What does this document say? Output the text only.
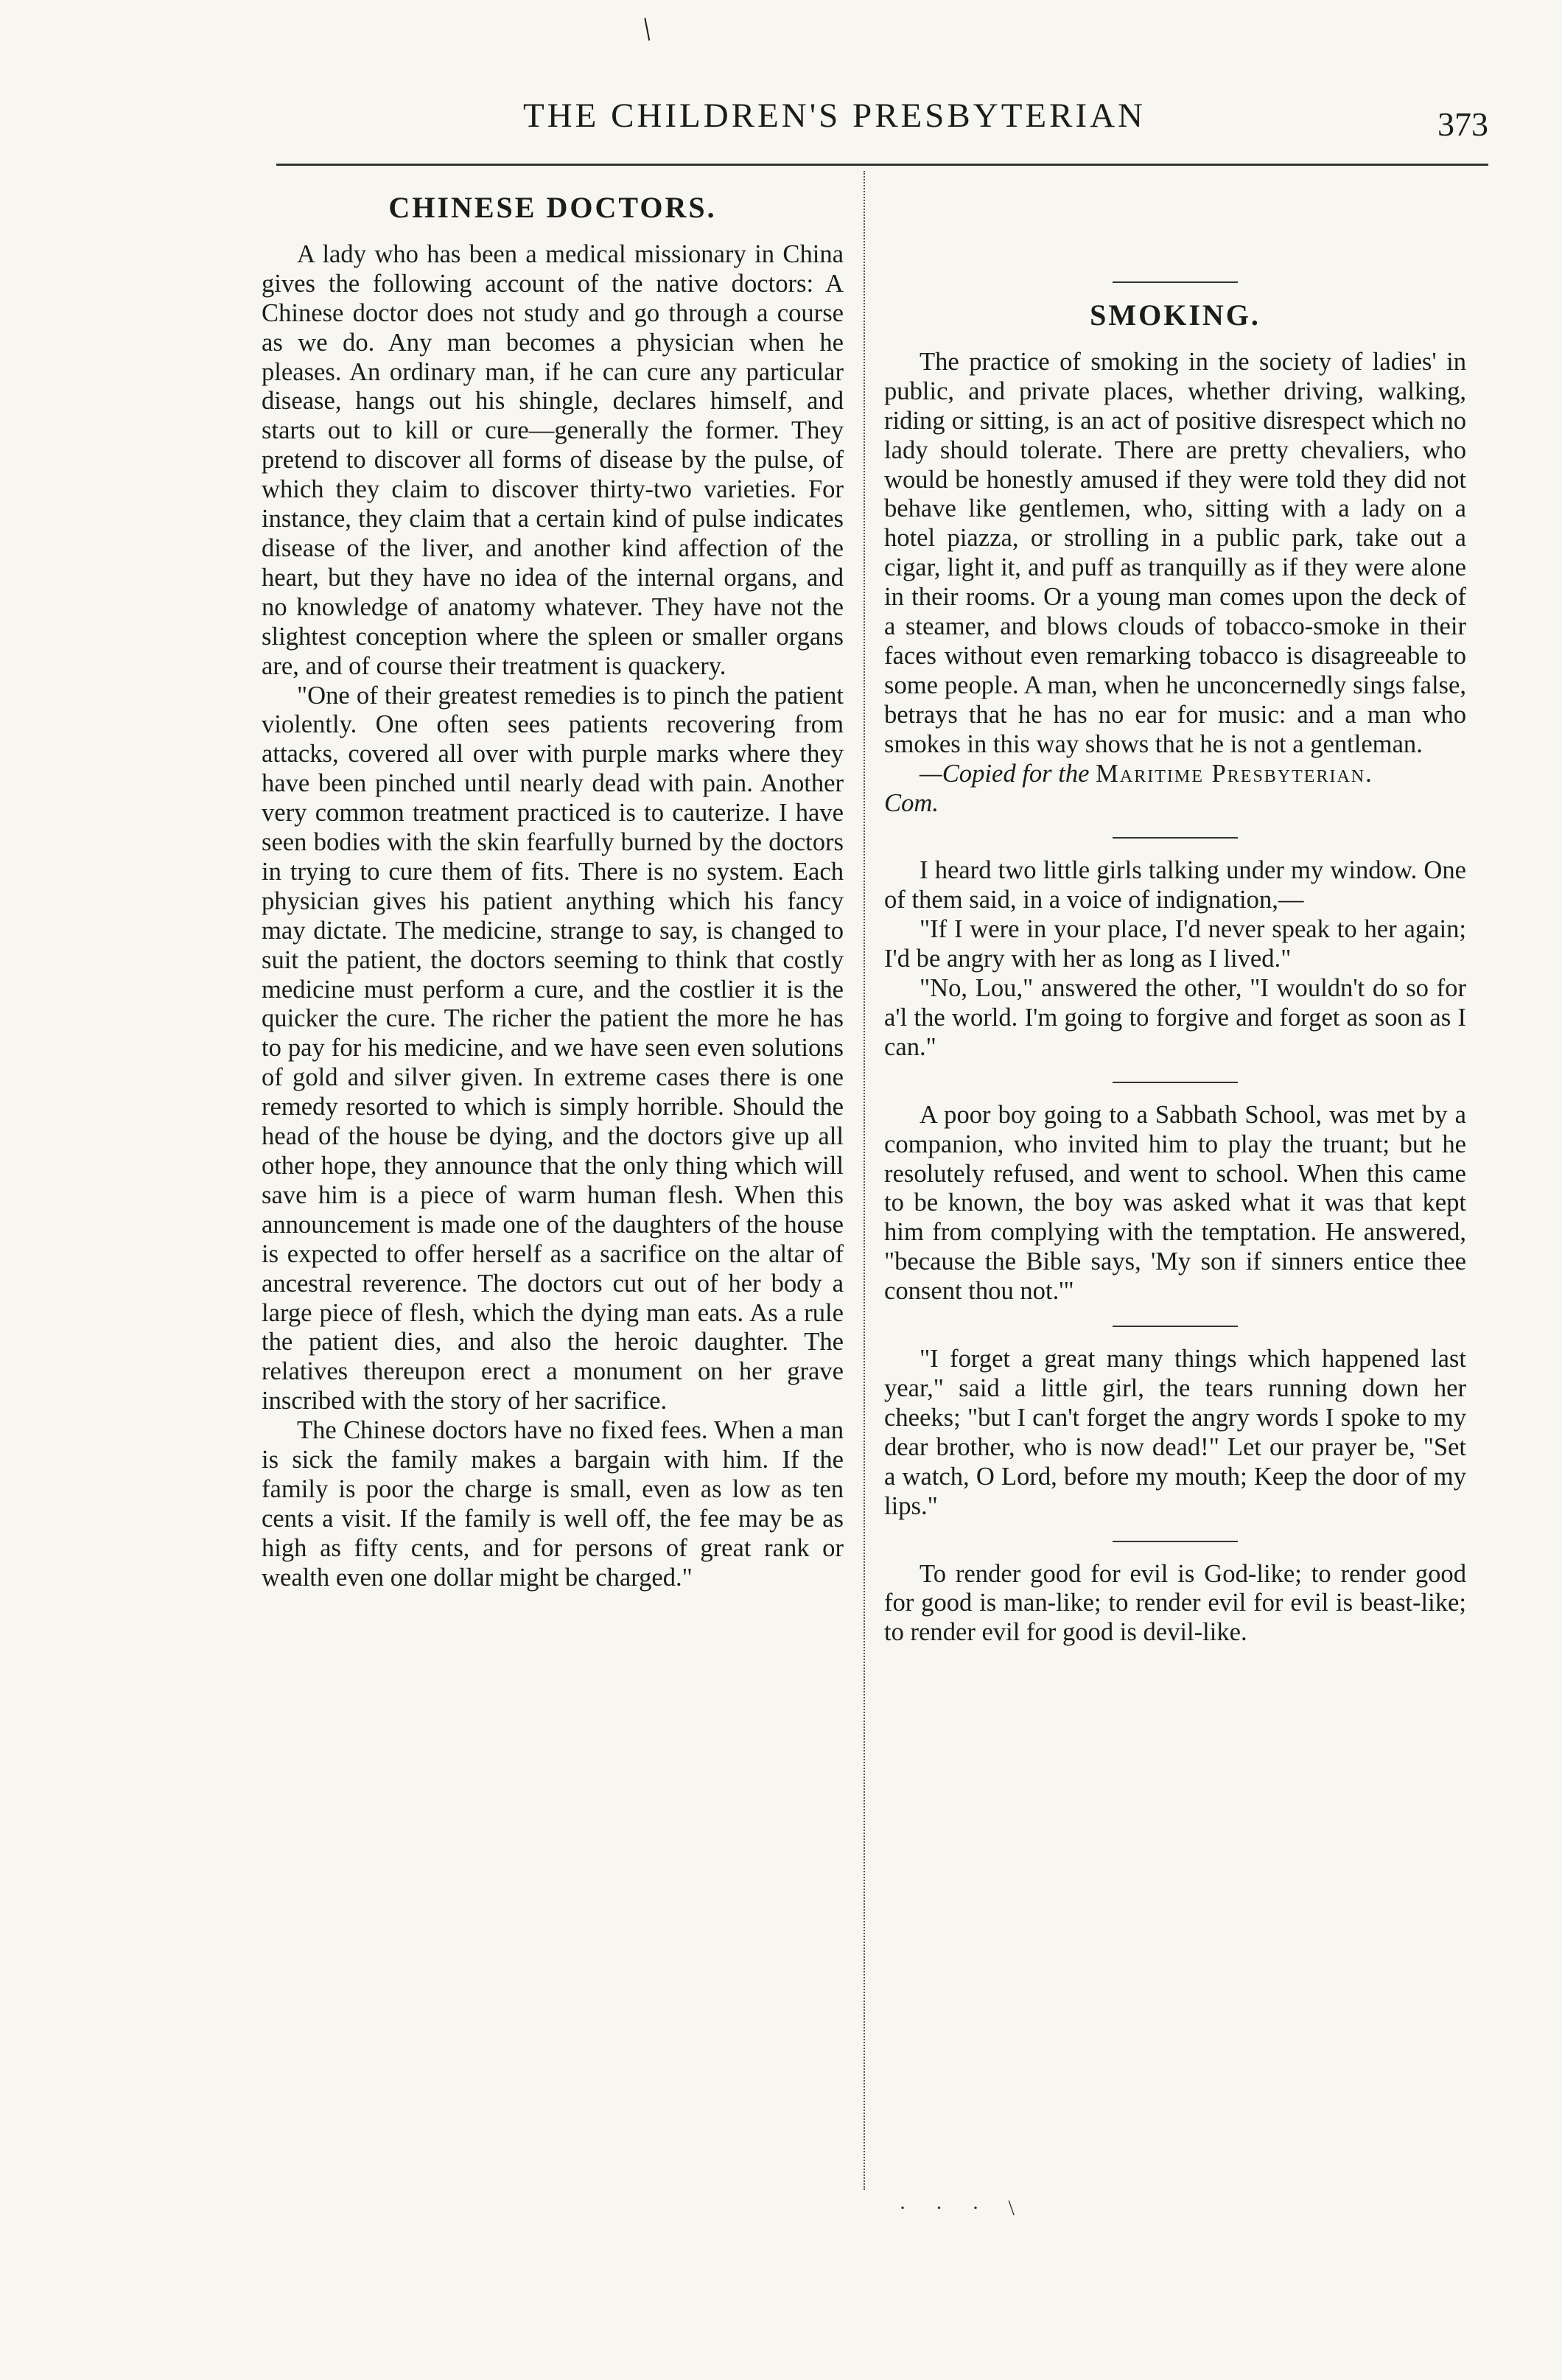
/
THE CHILDREN'S PRESBYTERIAN	373
CHINESE DOCTORS.

A lady who has been a medical missionary in China gives the following account of the native doctors: A Chinese doctor does not study and go through a course as we do. Any man becomes a physician when he pleases. An ordinary man, if he can cure any particular disease, hangs out his shingle, declares himself, and starts out to kill or cure—generally the former. They pretend to discover all forms of disease by the pulse, of which they claim to discover thirty-two varieties. For instance, they claim that a certain kind of pulse indicates disease of the liver, and another kind affection of the heart, but they have no idea of the internal organs, and no knowledge of anatomy whatever. They have not the slightest conception where the spleen or smaller organs are, and of course their treatment is quackery.

"One of their greatest remedies is to pinch the patient violently. One often sees patients recovering from attacks, covered all over with purple marks where they have been pinched until nearly dead with pain. Another very common treatment practiced is to cauterize. I have seen bodies with the skin fearfully burned by the doctors in trying to cure them of fits. There is no system. Each physician gives his patient anything which his fancy may dictate. The medicine, strange to say, is changed to suit the patient, the doctors seeming to think that costly medicine must perform a cure, and the costlier it is the quicker the cure. The richer the patient the more he has to pay for his medicine, and we have seen even solutions of gold and silver given. In extreme cases there is one remedy resorted to which is simply horrible. Should the head of the house be dying, and the doctors give up all other hope, they announce that the only thing which will save him is a piece of warm human flesh. When this announcement is made one of the daughters of the house is expected to offer herself as a sacrifice on the altar of ancestral reverence. The doctors cut out of her body a large piece of flesh, which the dying man eats. As a rule the patient dies, and also the heroic daughter. The relatives thereupon erect a monument on her grave inscribed with the story of her sacrifice.

The Chinese doctors have no fixed fees. When a man is sick the family makes a bargain with him. If the family is poor the charge is small, even as low as ten cents a visit. If the family is well off, the fee may be as high as fifty cents, and for persons of great rank or wealth even one dollar might be charged."

SMOKING.

The practice of smoking in the society of ladies' in public, and private places, whether driving, walking, riding or sitting, is an act of positive disrespect which no lady should tolerate. There are pretty chevaliers, who would be honestly amused if they were told they did not behave like gentlemen, who, sitting with a lady on a hotel piazza, or strolling in a public park, take out a cigar, light it, and puff as tranquilly as if they were alone in their rooms. Or a young man comes upon the deck of a steamer, and blows clouds of tobacco-smoke in their faces without even remarking tobacco is disagreeable to some people. A man, when he unconcernedly sings false, betrays that he has no ear for music: and a man who smokes in this way shows that he is not a gentleman.

—Copied for the Maritime Presbyterian.
Com.

I heard two little girls talking under my window. One of them said, in a voice of indignation,—

"If I were in your place, I'd never speak to her again; I'd be angry with her as long as I lived."

"No, Lou," answered the other, "I wouldn't do so for a'l the world. I'm going to forgive and forget as soon as I can."

A poor boy going to a Sabbath School, was met by a companion, who invited him to play the truant; but he resolutely refused, and went to school. When this came to be known, the boy was asked what it was that kept him from complying with the temptation. He answered, "because the Bible says, 'My son if sinners entice thee consent thou not.'"

"I forget a great many things which happened last year," said a little girl, the tears running down her cheeks; "but I can't forget the angry words I spoke to my dear brother, who is now dead!" Let our prayer be, "Set a watch, O Lord, before my mouth; Keep the door of my lips."

To render good for evil is God-like; to render good for good is man-like; to render evil for evil is beast-like; to render evil for good is devil-like.

· · · \
